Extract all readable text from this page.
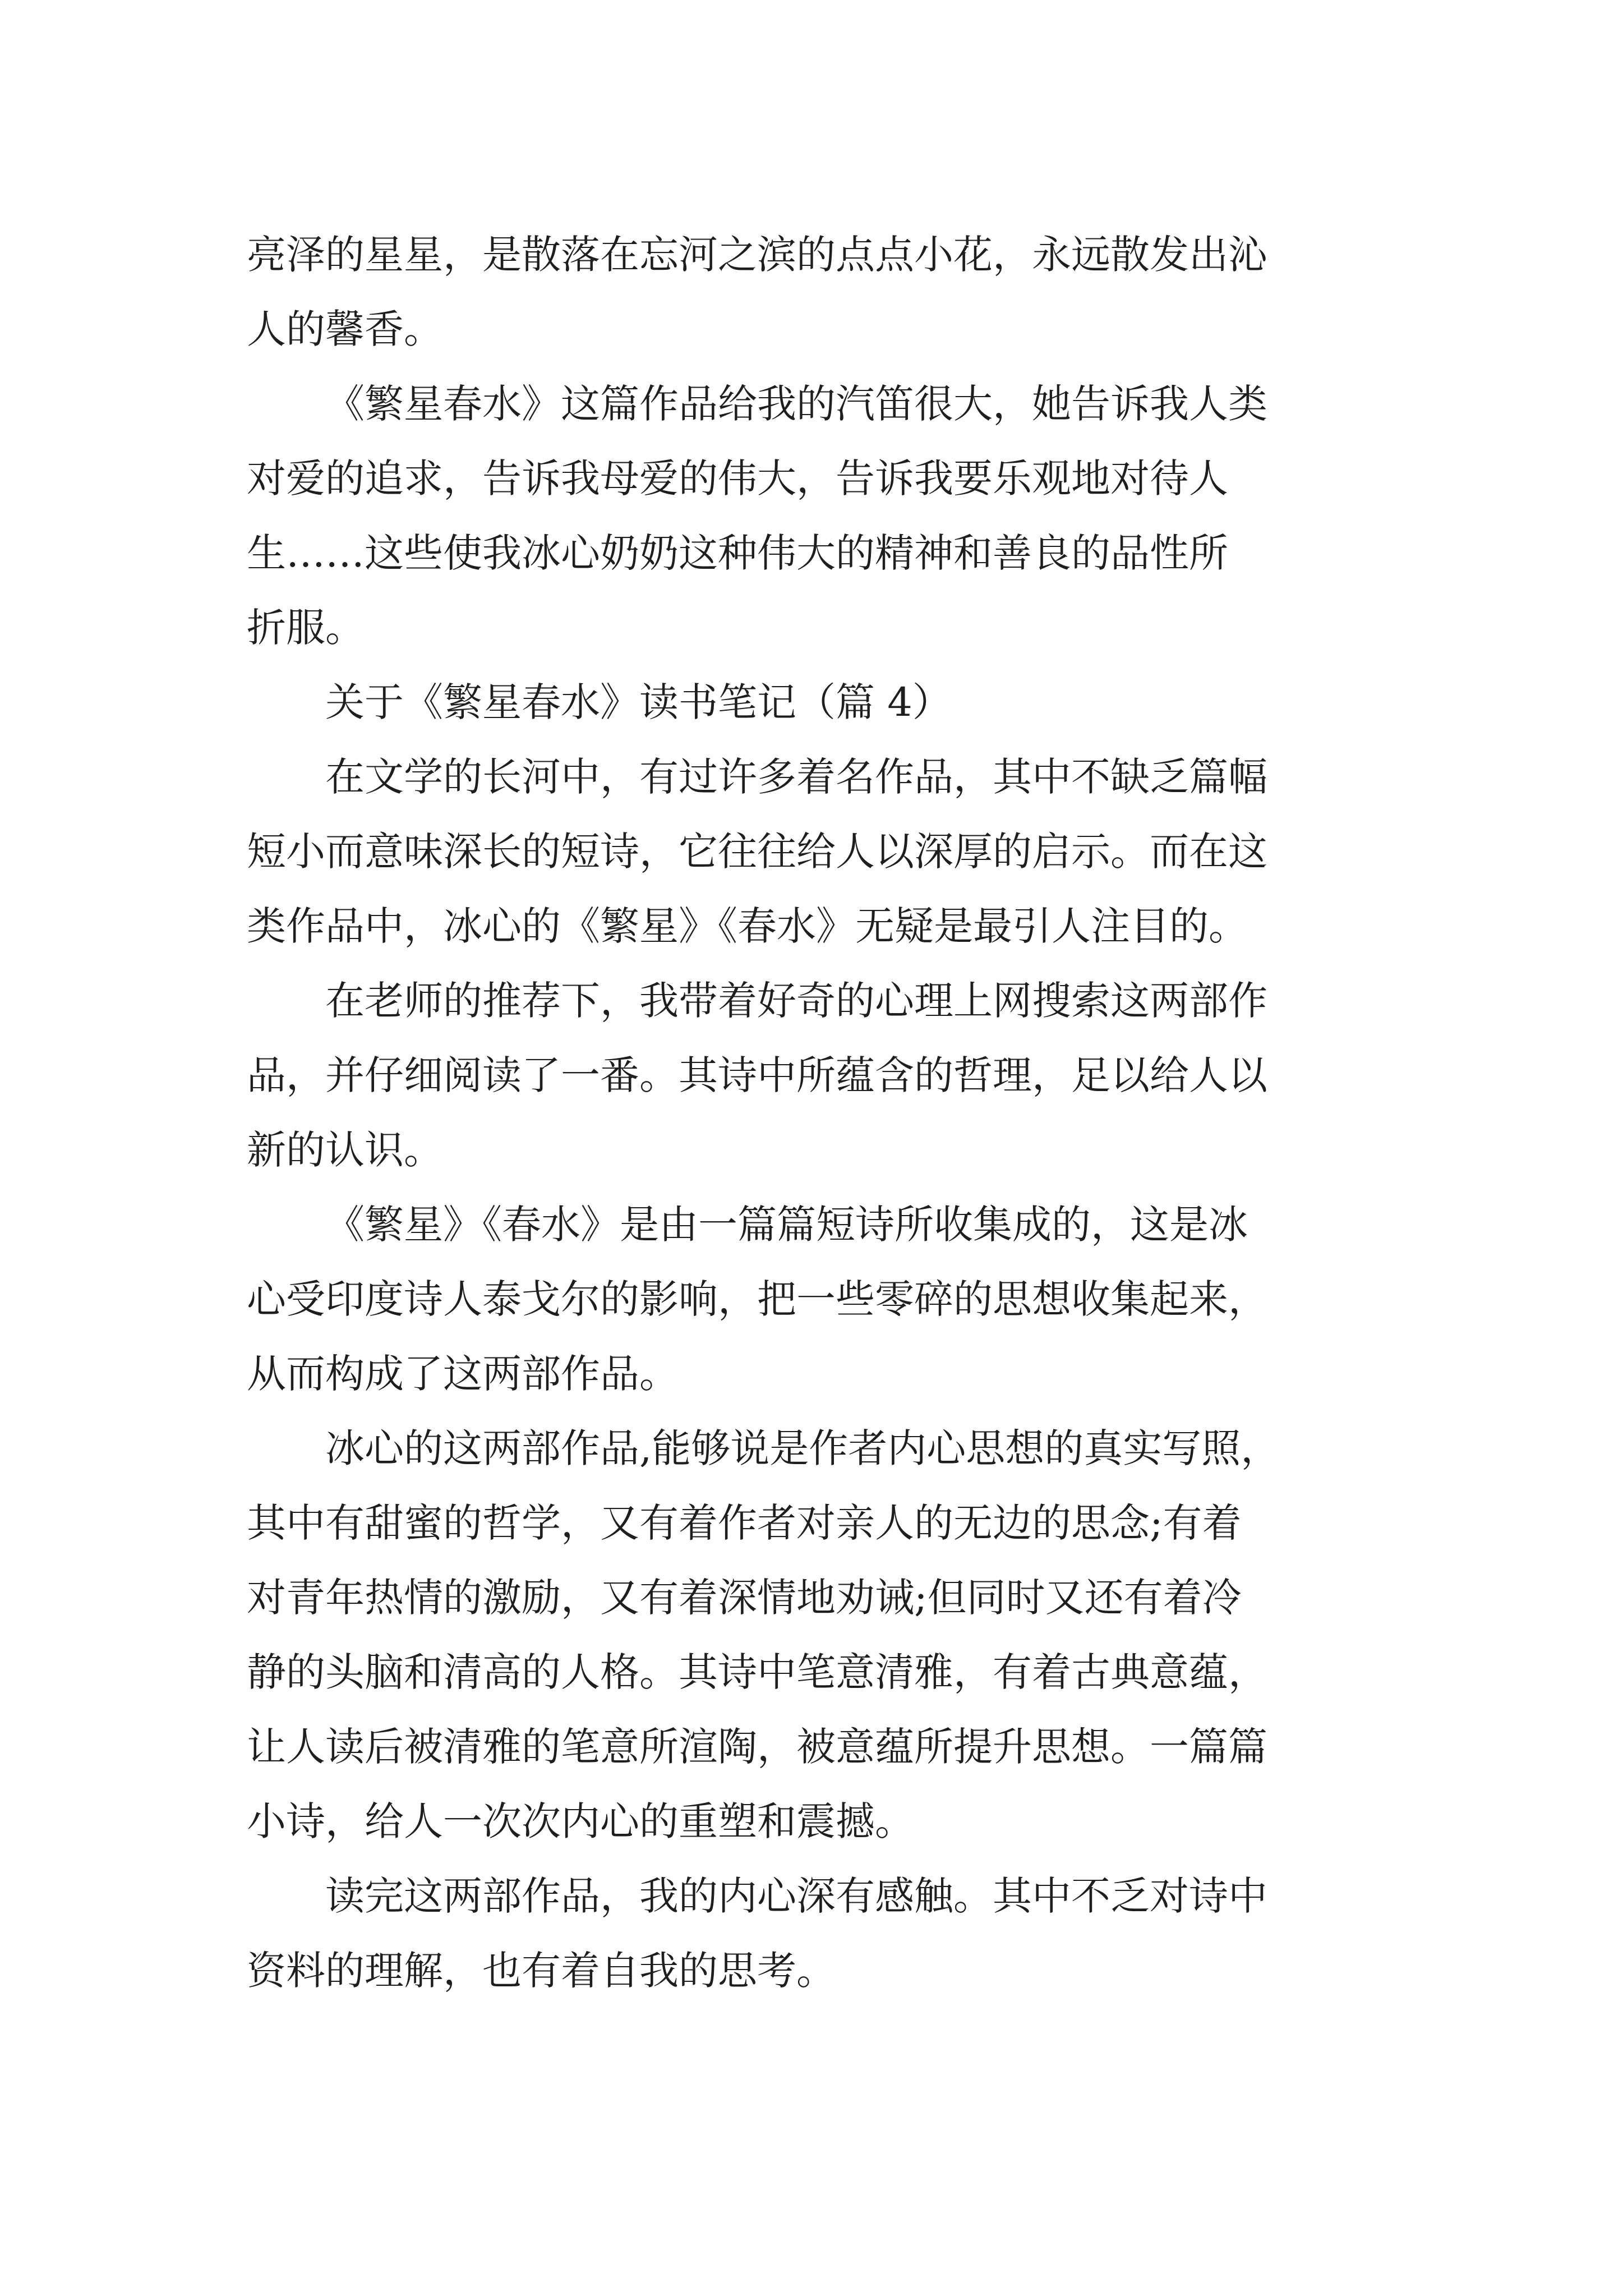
亮泽的星星，是散落在忘河之滨的点点小花，永远散发出沁
人的馨香。

《繁星春水》这篇作品给我的汽笛很大，她告诉我人类
对爱的追求，告诉我母爱的伟大，告诉我要乐观地对待人
生……这些使我冰心奶奶这种伟大的精神和善良的品性所
折服。

关于《繁星春水》读书笔记（篇 4）

在文学的长河中，有过许多着名作品，其中不缺乏篇幅
短小而意味深长的短诗，它往往给人以深厚的启示。而在这
类作品中，冰心的《繁星》《春水》无疑是最引人注目的。

在老师的推荐下，我带着好奇的心理上网搜索这两部作
品，并仔细阅读了一番。其诗中所蕴含的哲理，足以给人以
新的认识。

《繁星》《春水》是由一篇篇短诗所收集成的，这是冰
心受印度诗人泰戈尔的影响，把一些零碎的思想收集起来，
从而构成了这两部作品。

冰心的这两部作品,能够说是作者内心思想的真实写照，
其中有甜蜜的哲学，又有着作者对亲人的无边的思念;有着
对青年热情的激励，又有着深情地劝诫;但同时又还有着冷
静的头脑和清高的人格。其诗中笔意清雅，有着古典意蕴，
让人读后被清雅的笔意所渲陶，被意蕴所提升思想。一篇篇
小诗，给人一次次内心的重塑和震撼。

读完这两部作品，我的内心深有感触。其中不乏对诗中
资料的理解，也有着自我的思考。
